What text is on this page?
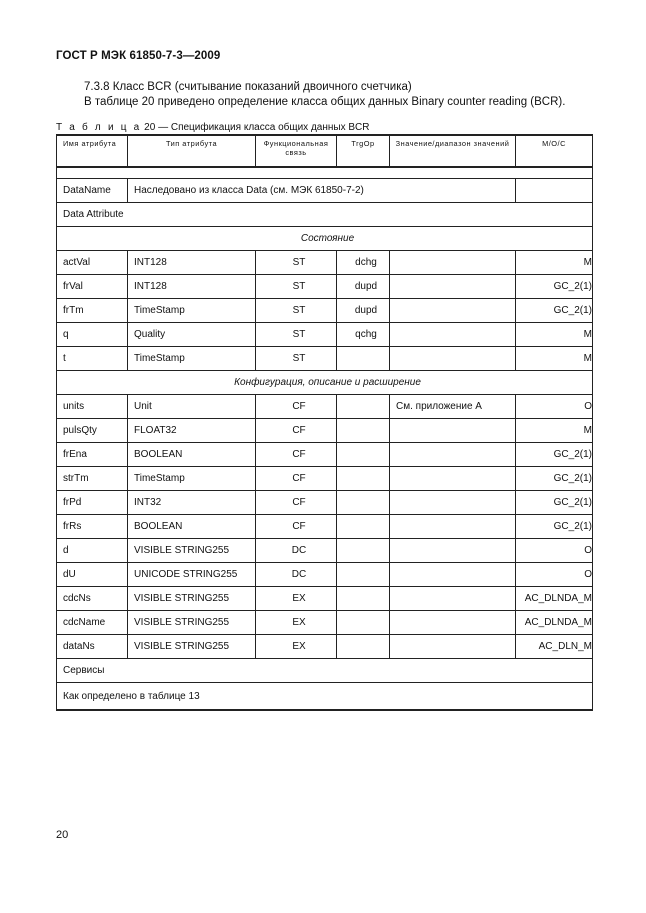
ГОСТ Р МЭК 61850-7-3—2009
7.3.8 Класс BCR (считывание показаний двоичного счетчика)
В таблице 20 приведено определение класса общих данных Binary counter reading (BCR).
Т а б л и ц а 20 — Спецификация класса общих данных BCR
Имя атрибута	Тип атрибута	Функциональная связь	TrgOp	Значение/диапазон значений	M/O/C

DataName	Наследовано из класса Data (см. МЭК 61850-7-2)				
Data Attribute					
Состояние					
actVal	INT128	ST	dchg		M
frVal	INT128	ST	dupd		GC_2(1)
frTm	TimeStamp	ST	dupd		GC_2(1)
q	Quality	ST	qchg		M
t	TimeStamp	ST			M
Конфигурация, описание и расширение					
units	Unit	CF		См. приложение А	O
pulsQty	FLOAT32	CF			M
frEna	BOOLEAN	CF			GC_2(1)
strTm	TimeStamp	CF			GC_2(1)
frPd	INT32	CF			GC_2(1)
frRs	BOOLEAN	CF			GC_2(1)
d	VISIBLE STRING255	DC			O
dU	UNICODE STRING255	DC			O
cdcNs	VISIBLE STRING255	EX			AC_DLNDA_M
cdcName	VISIBLE STRING255	EX			AC_DLNDA_M
dataNs	VISIBLE STRING255	EX			AC_DLN_M
Сервисы					
Как определено в таблице 13					
20
